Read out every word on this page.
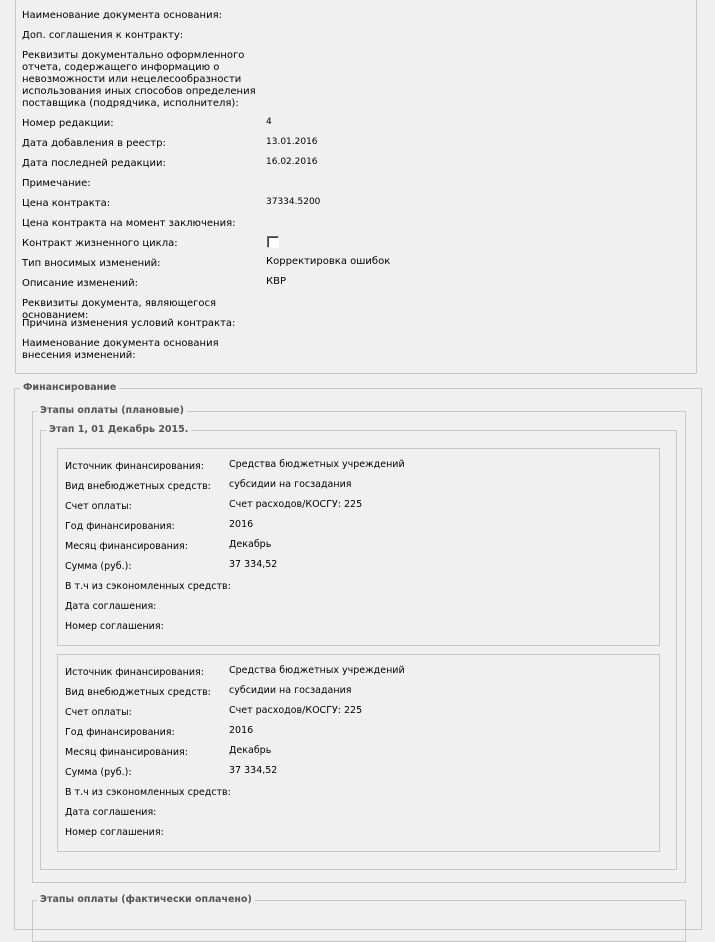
Наименование документа основания:
Доп. соглашения к контракту:
Реквизиты документально оформленного отчета, содержащего информацию о невозможности или нецелесообразности использования иных способов определения поставщика (подрядчика, исполнителя):
Номер редакции:	4
Дата добавления в реестр:	13.01.2016
Дата последней редакции:	16.02.2016
Примечание:
Цена контракта:	37334.5200
Цена контракта на момент заключения:
Контракт жизненного цикла:
Тип вносимых изменений:	Корректировка ошибок
Описание изменений:	КВР
Реквизиты документа, являющегося основанием:
Причина изменения условий контракта:
Наименование документа основания внесения изменений:
Финансирование
Этапы оплаты (плановые)
Этап 1, 01 Декабрь 2015.
Источник финансирования:	Средства бюджетных учреждений
Вид внебюджетных средств: субсидии на госзадания
Счет оплаты:	Счет расходов/КОСГУ: 225
Год финансирования:	2016
Месяц финансирования:	Декабрь
Сумма (руб.):	37 334,52
В т.ч из сэкономленных средств:
Дата соглашения:
Номер соглашения:
Источник финансирования:	Средства бюджетных учреждений
Вид внебюджетных средств: субсидии на госзадания
Счет оплаты:	Счет расходов/КОСГУ: 225
Год финансирования:	2016
Месяц финансирования:	Декабрь
Сумма (руб.):	37 334,52
В т.ч из сэкономленных средств:
Дата соглашения:
Номер соглашения:
Этапы оплаты (фактически оплачено)
